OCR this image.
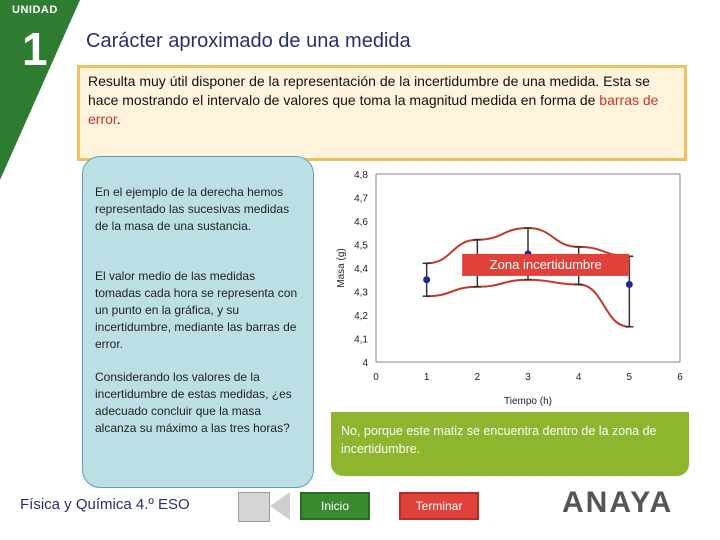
UNIDAD
1 Carácter aproximado de una medida
Resulta muy útil disponer de la representación de la incertidumbre de una medida. Esta se hace mostrando el intervalo de valores que toma la magnitud medida en forma de barras de error.
En el ejemplo de la derecha hemos representado las sucesivas medidas de la masa de una sustancia.
El valor medio de las medidas tomadas cada hora se representa con un punto en la gráfica, y su incertidumbre, mediante las barras de error.
Considerando los valores de la incertidumbre de estas medidas, ¿es adecuado concluir que la masa alcanza su máximo a las tres horas?
4
4,1
4,2
4,3
4,4
4,5
4,6
4,7
4,8
0	1	2	3	4	5	6
Tiempo (h)
Masa (g)	Zona incertidumbre
No, porque este matiz se encuentra dentro de la zona de incertidumbre.
Física y Química 4.º ESO	Inicio	Terminar	ANAYA
